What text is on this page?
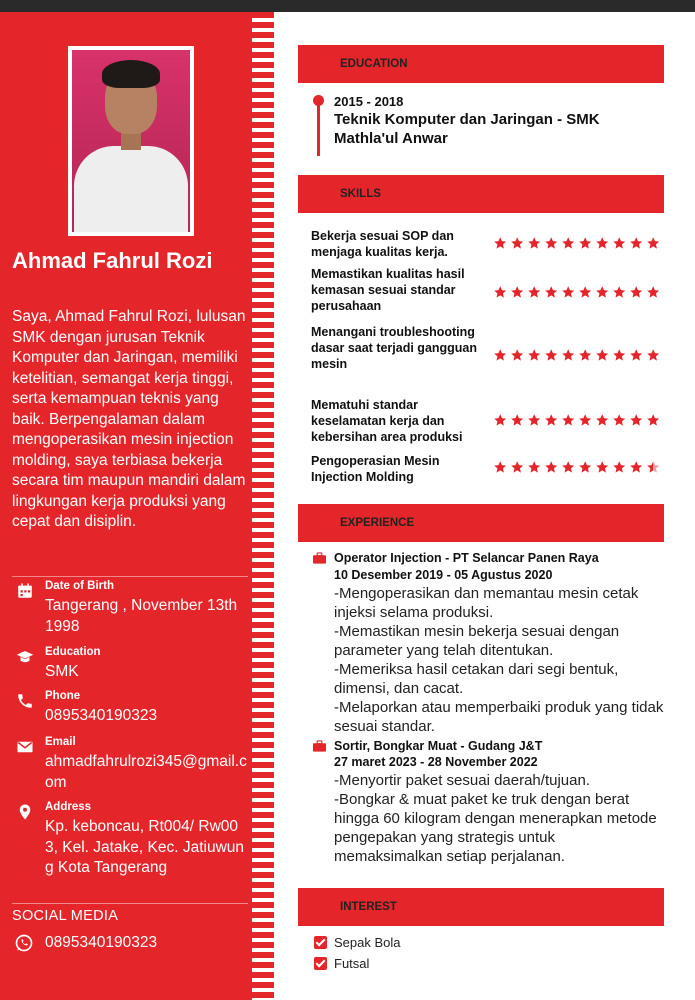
Ahmad Fahrul Rozi
Saya, Ahmad Fahrul Rozi, lulusan SMK dengan jurusan Teknik Komputer dan Jaringan, memiliki ketelitian, semangat kerja tinggi, serta kemampuan teknis yang baik. Berpengalaman dalam mengoperasikan mesin injection molding, saya terbiasa bekerja secara tim maupun mandiri dalam lingkungan kerja produksi yang cepat dan disiplin.
Date of Birth
Tangerang , November 13th 1998
Education
SMK
Phone
0895340190323
Email
ahmadfahrulrozi345@gmail.com
Address
Kp. keboncau, Rt004/ Rw003, Kel. Jatake, Kec. Jatiuwung Kota Tangerang
SOCIAL MEDIA
0895340190323
EDUCATION
2015 - 2018
Teknik Komputer dan Jaringan - SMK Mathla'ul Anwar
SKILLS
Bekerja sesuai SOP dan menjaga kualitas kerja.
Memastikan kualitas hasil kemasan sesuai standar perusahaan
Menangani troubleshooting dasar saat terjadi gangguan mesin
Mematuhi standar keselamatan kerja dan kebersihan area produksi
Pengoperasian Mesin Injection Molding
EXPERIENCE
Operator Injection - PT Selancar Panen Raya
10 Desember 2019 - 05 Agustus 2020
-Mengoperasikan dan memantau mesin cetak injeksi selama produksi.
-Memastikan mesin bekerja sesuai dengan parameter yang telah ditentukan.
-Memeriksa hasil cetakan dari segi bentuk, dimensi, dan cacat.
-Melaporkan atau memperbaiki produk yang tidak sesuai standar.
Sortir, Bongkar Muat - Gudang J&T
27 maret 2023 - 28 November 2022
-Menyortir paket sesuai daerah/tujuan.
-Bongkar & muat paket ke truk dengan berat hingga 60 kilogram dengan menerapkan metode pengepakan yang strategis untuk memaksimalkan setiap perjalanan.
INTEREST
Sepak Bola
Futsal
